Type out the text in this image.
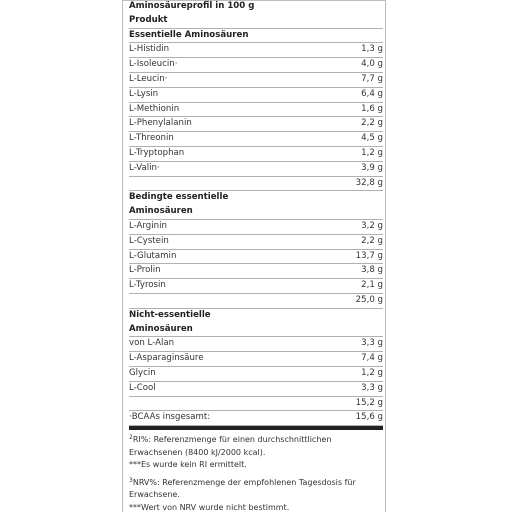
Aminosäureprofil in 100 g
Produkt
Essentielle Aminosäuren
L-Histidin	1,3 g
L-Isoleucin·	4,0 g
L-Leucin·	7,7 g
L-Lysin	6,4 g
L-Methionin	1,6 g
L-Phenylalanin	2,2 g
L-Threonin	4,5 g
L-Tryptophan	1,2 g
L-Valin·	3,9 g
32,8 g
Bedingte essentielle
Aminosäuren
L-Arginin	3,2 g
L-Cystein	2,2 g
L-Glutamin	13,7 g
L-Prolin	3,8 g
L-Tyrosin	2,1 g
25,0 g
Nicht-essentielle
Aminosäuren
von L-Alan	3,3 g
L-Asparaginsäure	7,4 g
Glycin	1,2 g
L-Cool	3,3 g
15,2 g
·BCAAs insgesamt:	15,6 g
$^2$RI%: Referenzmenge für einen durchschnittlichen Erwachsenen (8400 kJ/2000 kcal).
***Es wurde kein RI ermittelt.
$^3$NRV%: Referenzmenge der empfohlenen Tagesdosis für Erwachsene.
***Wert von NRV wurde nicht bestimmt.
